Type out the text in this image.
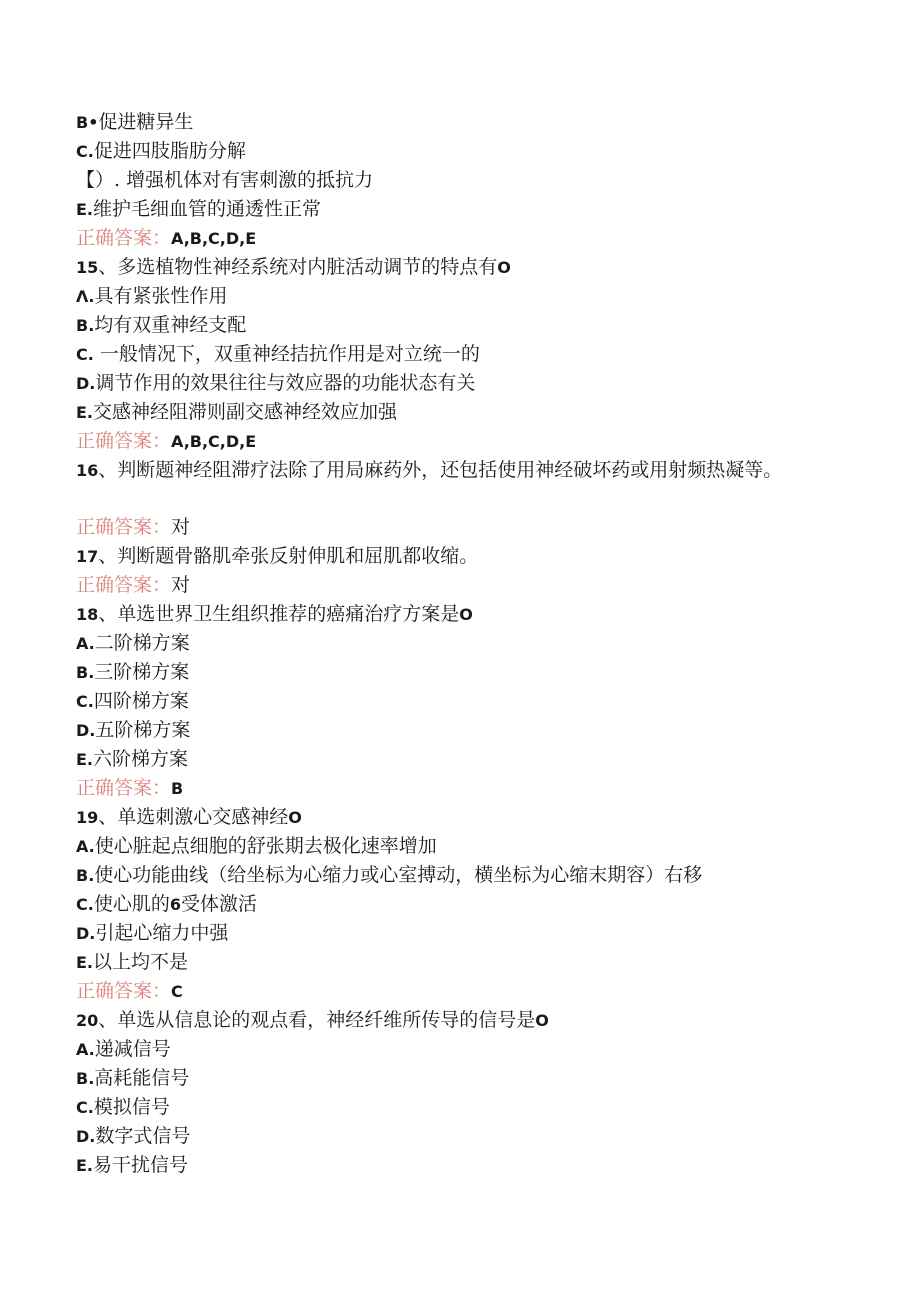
B•促进糖异生
C.促进四肢脂肪分解
【）. 增强机体对有害刺激的抵抗力
E.维护毛细血管的通透性正常
正确答案：A,B,C,D,E
15、多选植物性神经系统对内脏活动调节的特点有O
Λ.具有紧张性作用
B.均有双重神经支配
C. 一般情况下，双重神经拮抗作用是对立统一的
D.调节作用的效果往往与效应器的功能状态有关
E.交感神经阻滞则副交感神经效应加强
正确答案：A,B,C,D,E
16、判断题神经阻滞疗法除了用局麻药外，还包括使用神经破坏药或用射频热凝等。
正确答案：对
17、判断题骨骼肌牵张反射伸肌和屈肌都收缩。
正确答案：对
18、单选世界卫生组织推荐的癌痛治疗方案是O
A.二阶梯方案
B.三阶梯方案
C.四阶梯方案
D.五阶梯方案
E.六阶梯方案
正确答案：B
19、单选刺激心交感神经O
A.使心脏起点细胞的舒张期去极化速率增加
B.使心功能曲线（给坐标为心缩力或心室搏动，横坐标为心缩末期容）右移
C.使心肌的6受体激活
D.引起心缩力中强
E.以上均不是
正确答案：C
20、单选从信息论的观点看，神经纤维所传导的信号是O
A.递减信号
B.高耗能信号
C.模拟信号
D.数字式信号
E.易干扰信号
